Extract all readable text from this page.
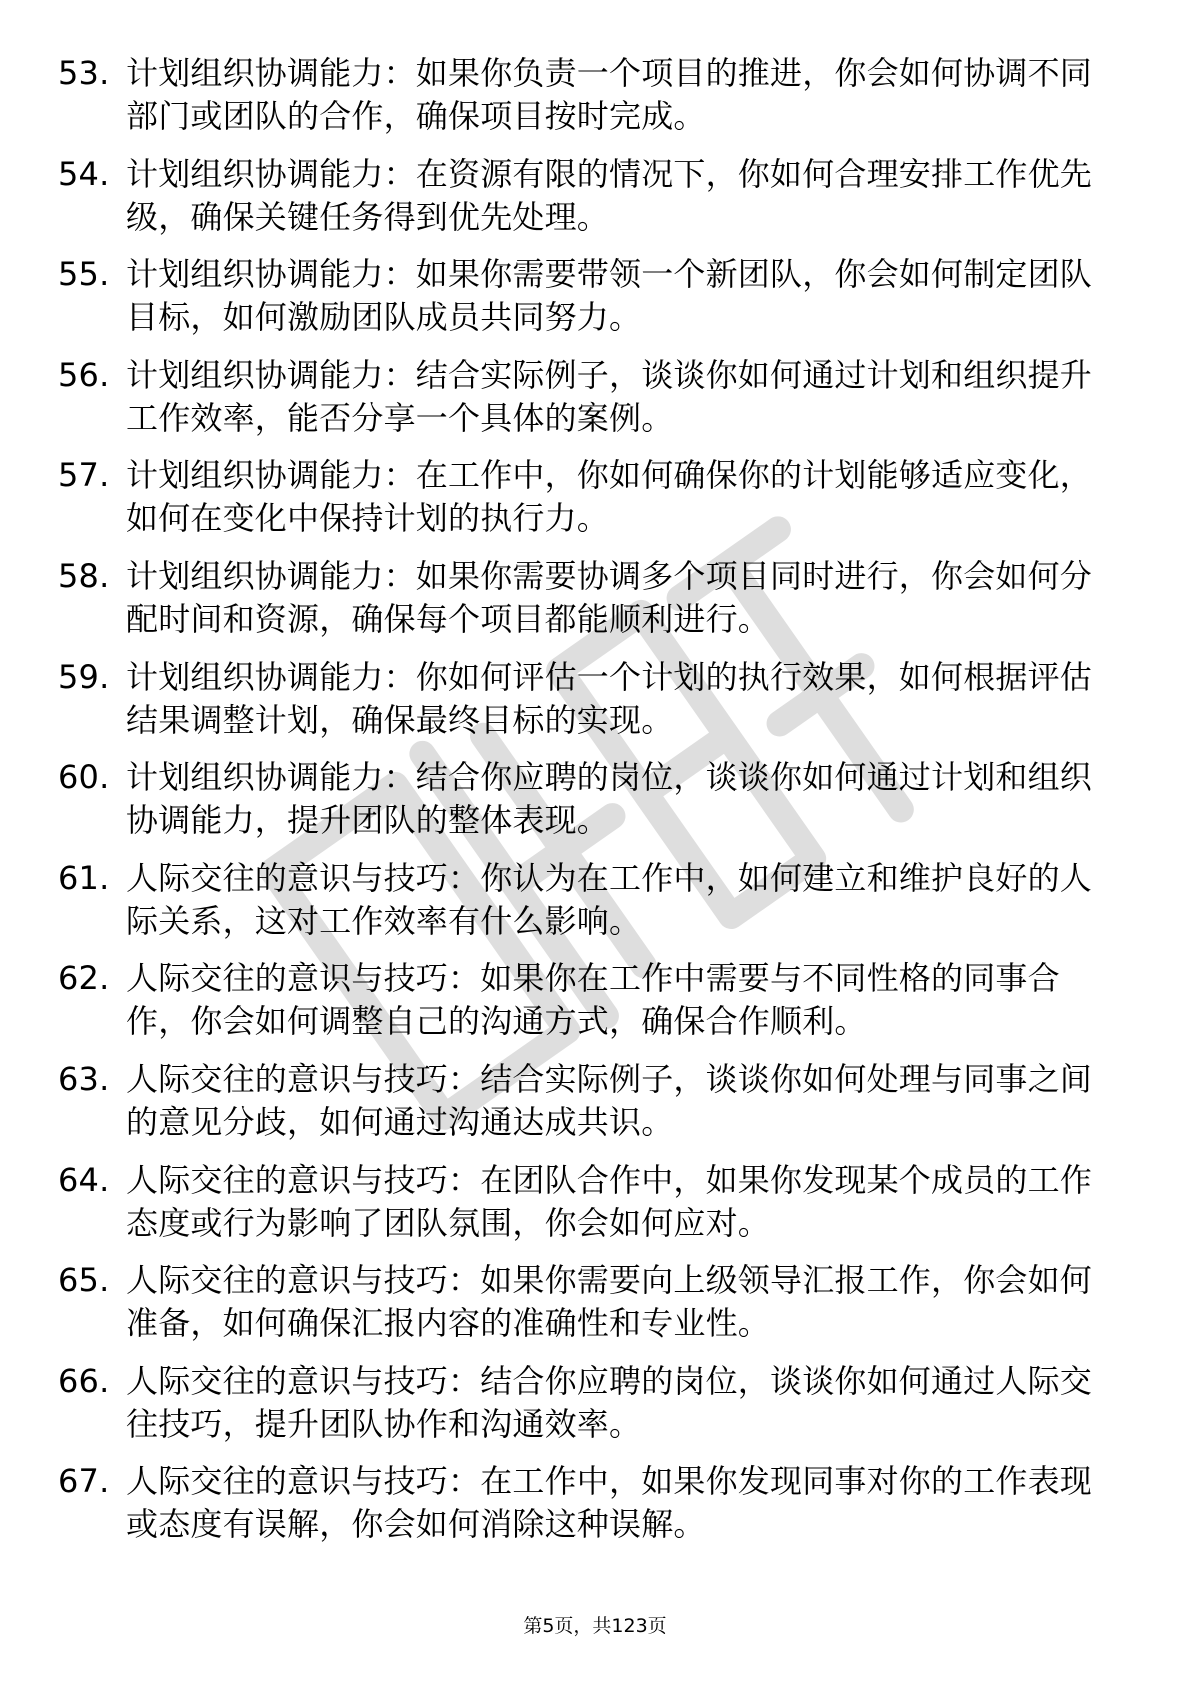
53. 计划组织协调能力：如果你负责一个项目的推进，你会如何协调不同部门或团队的合作，确保项目按时完成。
54. 计划组织协调能力：在资源有限的情况下，你如何合理安排工作优先级，确保关键任务得到优先处理。
55. 计划组织协调能力：如果你需要带领一个新团队，你会如何制定团队目标，如何激励团队成员共同努力。
56. 计划组织协调能力：结合实际例子，谈谈你如何通过计划和组织提升工作效率，能否分享一个具体的案例。
57. 计划组织协调能力：在工作中，你如何确保你的计划能够适应变化，如何在变化中保持计划的执行力。
58. 计划组织协调能力：如果你需要协调多个项目同时进行，你会如何分配时间和资源，确保每个项目都能顺利进行。
59. 计划组织协调能力：你如何评估一个计划的执行效果，如何根据评估结果调整计划，确保最终目标的实现。
60. 计划组织协调能力：结合你应聘的岗位，谈谈你如何通过计划和组织协调能力，提升团队的整体表现。
61. 人际交往的意识与技巧：你认为在工作中，如何建立和维护良好的人际关系，这对工作效率有什么影响。
62. 人际交往的意识与技巧：如果你在工作中需要与不同性格的同事合作，你会如何调整自己的沟通方式，确保合作顺利。
63. 人际交往的意识与技巧：结合实际例子，谈谈你如何处理与同事之间的意见分歧，如何通过沟通达成共识。
64. 人际交往的意识与技巧：在团队合作中，如果你发现某个成员的工作态度或行为影响了团队氛围，你会如何应对。
65. 人际交往的意识与技巧：如果你需要向上级领导汇报工作，你会如何准备，如何确保汇报内容的准确性和专业性。
66. 人际交往的意识与技巧：结合你应聘的岗位，谈谈你如何通过人际交往技巧，提升团队协作和沟通效率。
67. 人际交往的意识与技巧：在工作中，如果你发现同事对你的工作表现或态度有误解，你会如何消除这种误解。
第5页，共123页
